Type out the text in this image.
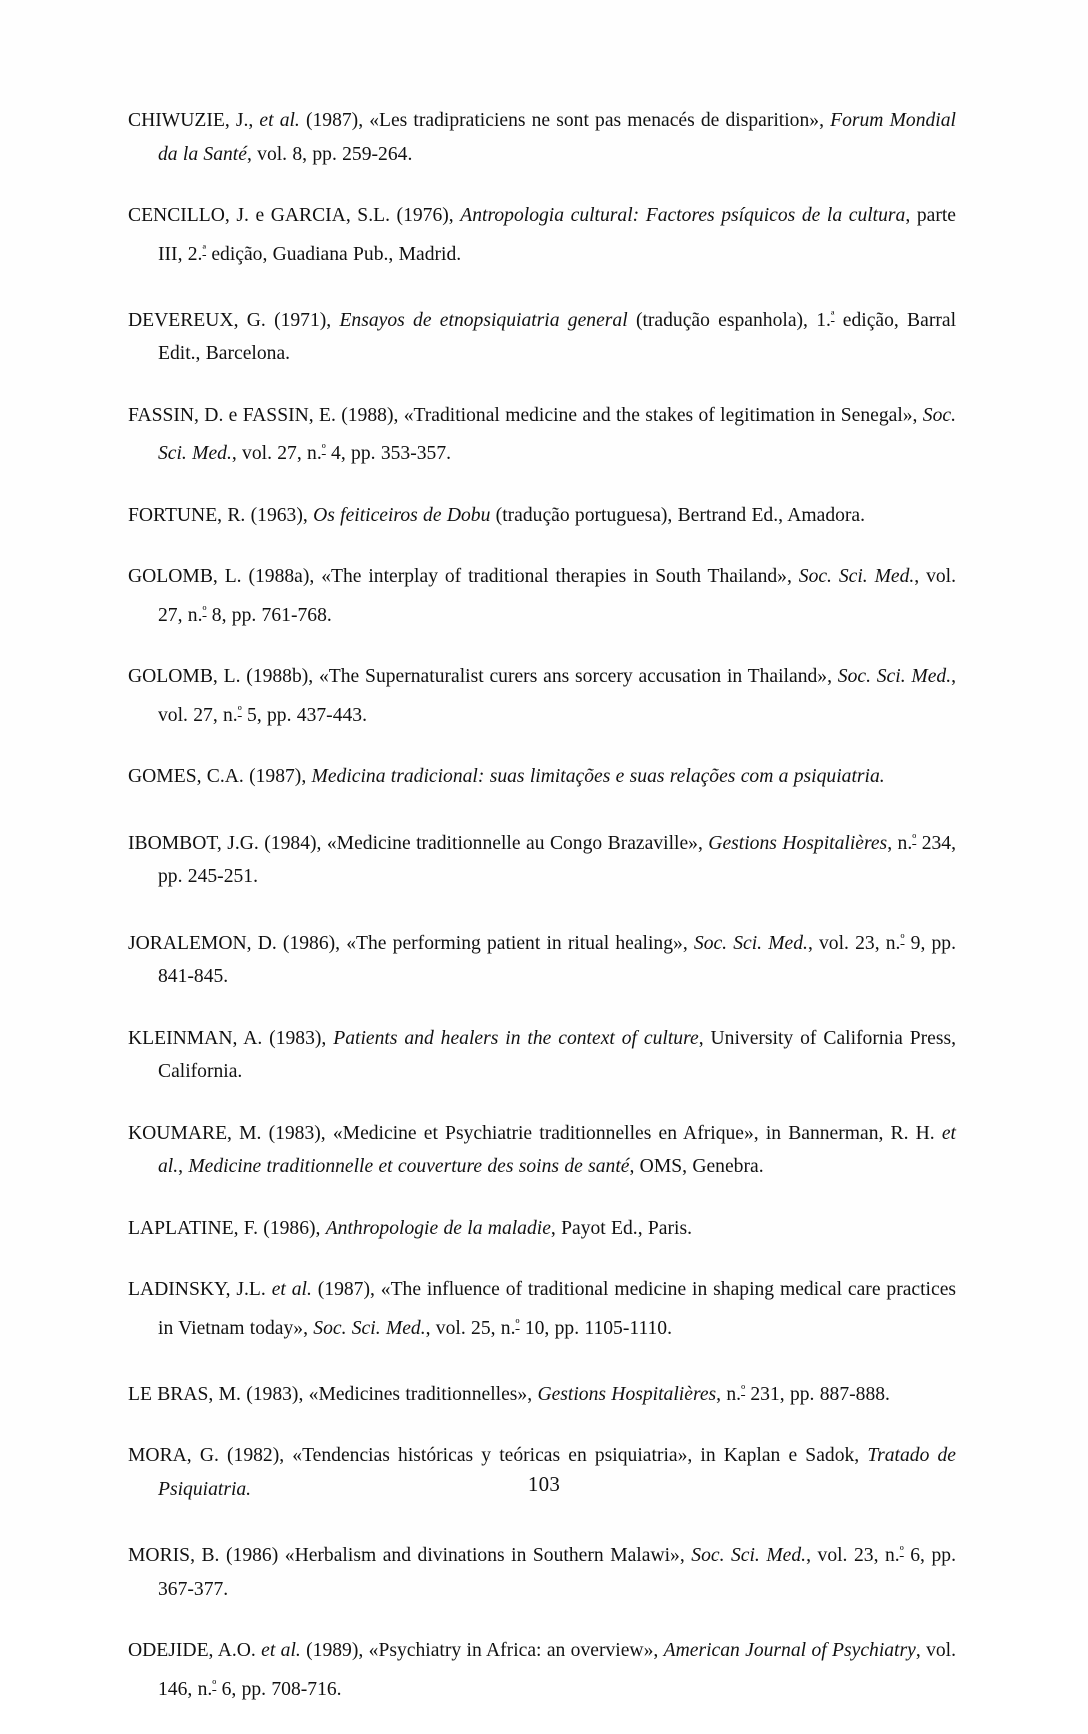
CHIWUZIE, J., et al. (1987), «Les tradipraticiens ne sont pas menacés de disparition», Forum Mondial da la Santé, vol. 8, pp. 259-264.

CENCILLO, J. e GARCIA, S.L. (1976), Antropologia cultural: Factores psíquicos de la cultura, parte III, 2.$^ª$ edição, Guadiana Pub., Madrid.

DEVEREUX, G. (1971), Ensayos de etnopsiquiatria general (tradução espanhola), 1.$^ª$ edição, Barral Edit., Barcelona.

FASSIN, D. e FASSIN, E. (1988), «Traditional medicine and the stakes of legitimation in Senegal», Soc. Sci. Med., vol. 27, n.$^º$ 4, pp. 353-357.

FORTUNE, R. (1963), Os feiticeiros de Dobu (tradução portuguesa), Bertrand Ed., Amadora.

GOLOMB, L. (1988a), «The interplay of traditional therapies in South Thailand», Soc. Sci. Med., vol. 27, n.$^º$ 8, pp. 761-768.

GOLOMB, L. (1988b), «The Supernaturalist curers ans sorcery accusation in Thailand», Soc. Sci. Med., vol. 27, n.$^º$ 5, pp. 437-443.

GOMES, C.A. (1987), Medicina tradicional: suas limitações e suas relações com a psiquiatria.

IBOMBOT, J.G. (1984), «Medicine traditionnelle au Congo Brazaville», Gestions Hospitalières, n.$^º$ 234, pp. 245-251.

JORALEMON, D. (1986), «The performing patient in ritual healing», Soc. Sci. Med., vol. 23, n.$^º$ 9, pp. 841-845.

KLEINMAN, A. (1983), Patients and healers in the context of culture, University of California Press, California.

KOUMARE, M. (1983), «Medicine et Psychiatrie traditionnelles en Afrique», in Bannerman, R. H. et al., Medicine traditionnelle et couverture des soins de santé, OMS, Genebra.

LAPLATINE, F. (1986), Anthropologie de la maladie, Payot Ed., Paris.

LADINSKY, J.L. et al. (1987), «The influence of traditional medicine in shaping medical care practices in Vietnam today», Soc. Sci. Med., vol. 25, n.$^º$ 10, pp. 1105-1110.

LE BRAS, M. (1983), «Medicines traditionnelles», Gestions Hospitalières, n.$^º$ 231, pp. 887-888.

MORA, G. (1982), «Tendencias históricas y teóricas en psiquiatria», in Kaplan e Sadok, Tratado de Psiquiatria.

MORIS, B. (1986) «Herbalism and divinations in Southern Malawi», Soc. Sci. Med., vol. 23, n.$^º$ 6, pp. 367-377.

ODEJIDE, A.O. et al. (1989), «Psychiatry in Africa: an overview», American Journal of Psychiatry, vol. 146, n.$^º$ 6, pp. 708-716.

103
